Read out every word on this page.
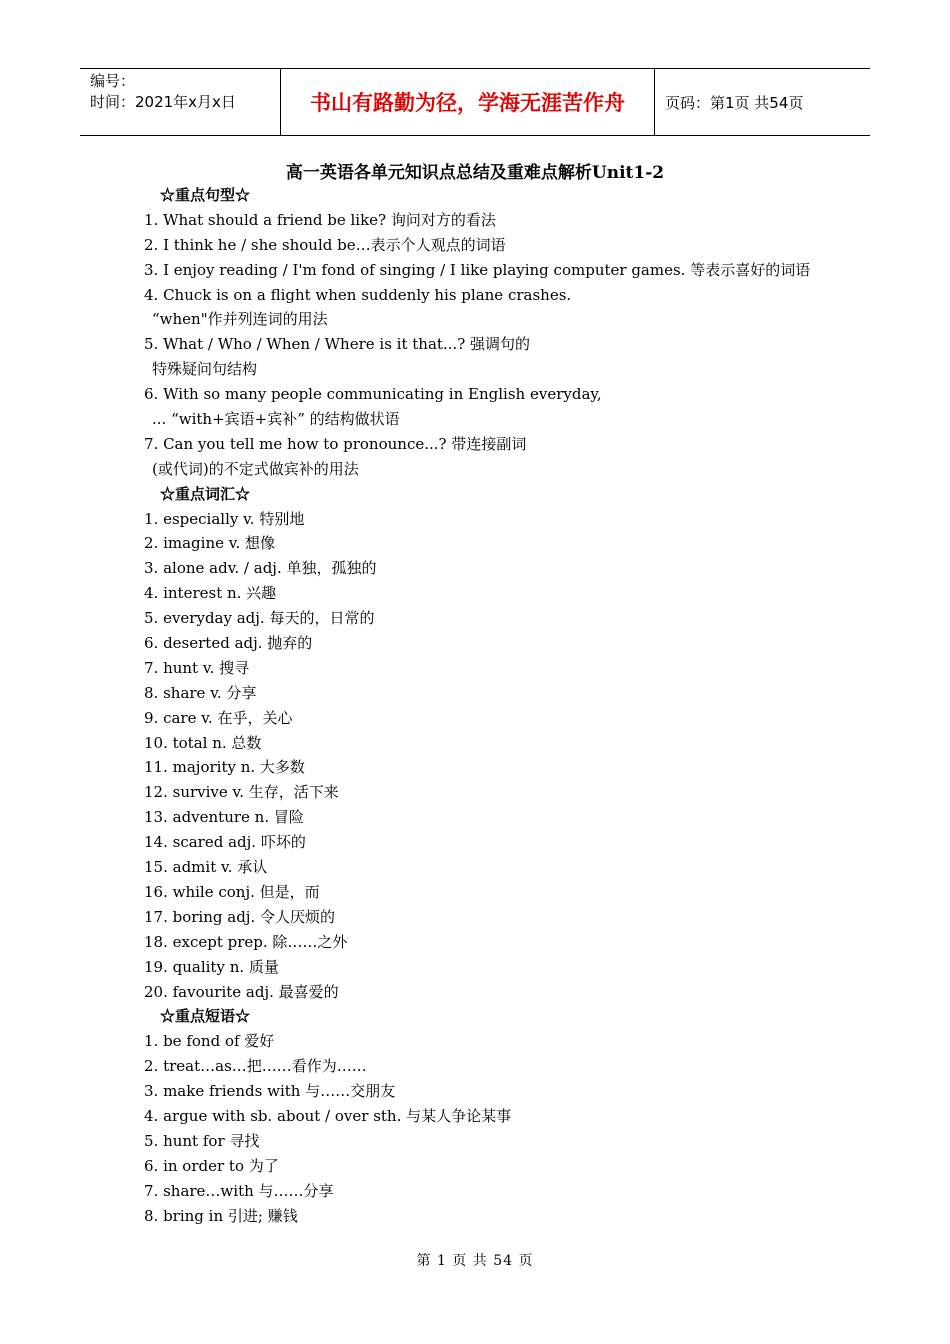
编号：
时间：2021年x月x日	书山有路勤为径，学海无涯苦作舟	页码：第1页 共54页
高一英语各单元知识点总结及重难点解析Unit1-2
☆重点句型☆
1. What should a friend be like? 询问对方的看法
2. I think he / she should be…表示个人观点的词语
3. I enjoy reading / I'm fond of singing / I like playing computer games. 等表示喜好的词语
4. Chuck is on a flight when suddenly his plane crashes.
“when"作并列连词的用法
5. What / Who / When / Where is it that...? 强调句的
特殊疑问句结构
6. With so many people communicating in English everyday,
... “with+宾语+宾补” 的结构做状语
7. Can you tell me how to pronounce...? 带连接副词
(或代词)的不定式做宾补的用法
☆重点词汇☆
1. especially v. 特别地
2. imagine v. 想像
3. alone adv. / adj. 单独，孤独的
4. interest n. 兴趣
5. everyday adj. 每天的，日常的
6. deserted adj. 抛弃的
7. hunt v. 搜寻
8. share v. 分享
9. care v. 在乎，关心
10. total n. 总数
11. majority n. 大多数
12. survive v. 生存，活下来
13. adventure n. 冒险
14. scared adj. 吓坏的
15. admit v. 承认
16. while conj. 但是，而
17. boring adj. 令人厌烦的
18. except prep. 除……之外
19. quality n. 质量
20. favourite adj. 最喜爱的
☆重点短语☆
1. be fond of 爱好
2. treat…as…把……看作为……
3. make friends with 与……交朋友
4. argue with sb. about / over sth. 与某人争论某事
5. hunt for 寻找
6. in order to 为了
7. share…with 与……分享
8. bring in 引进; 赚钱
第 1 页 共 54 页
